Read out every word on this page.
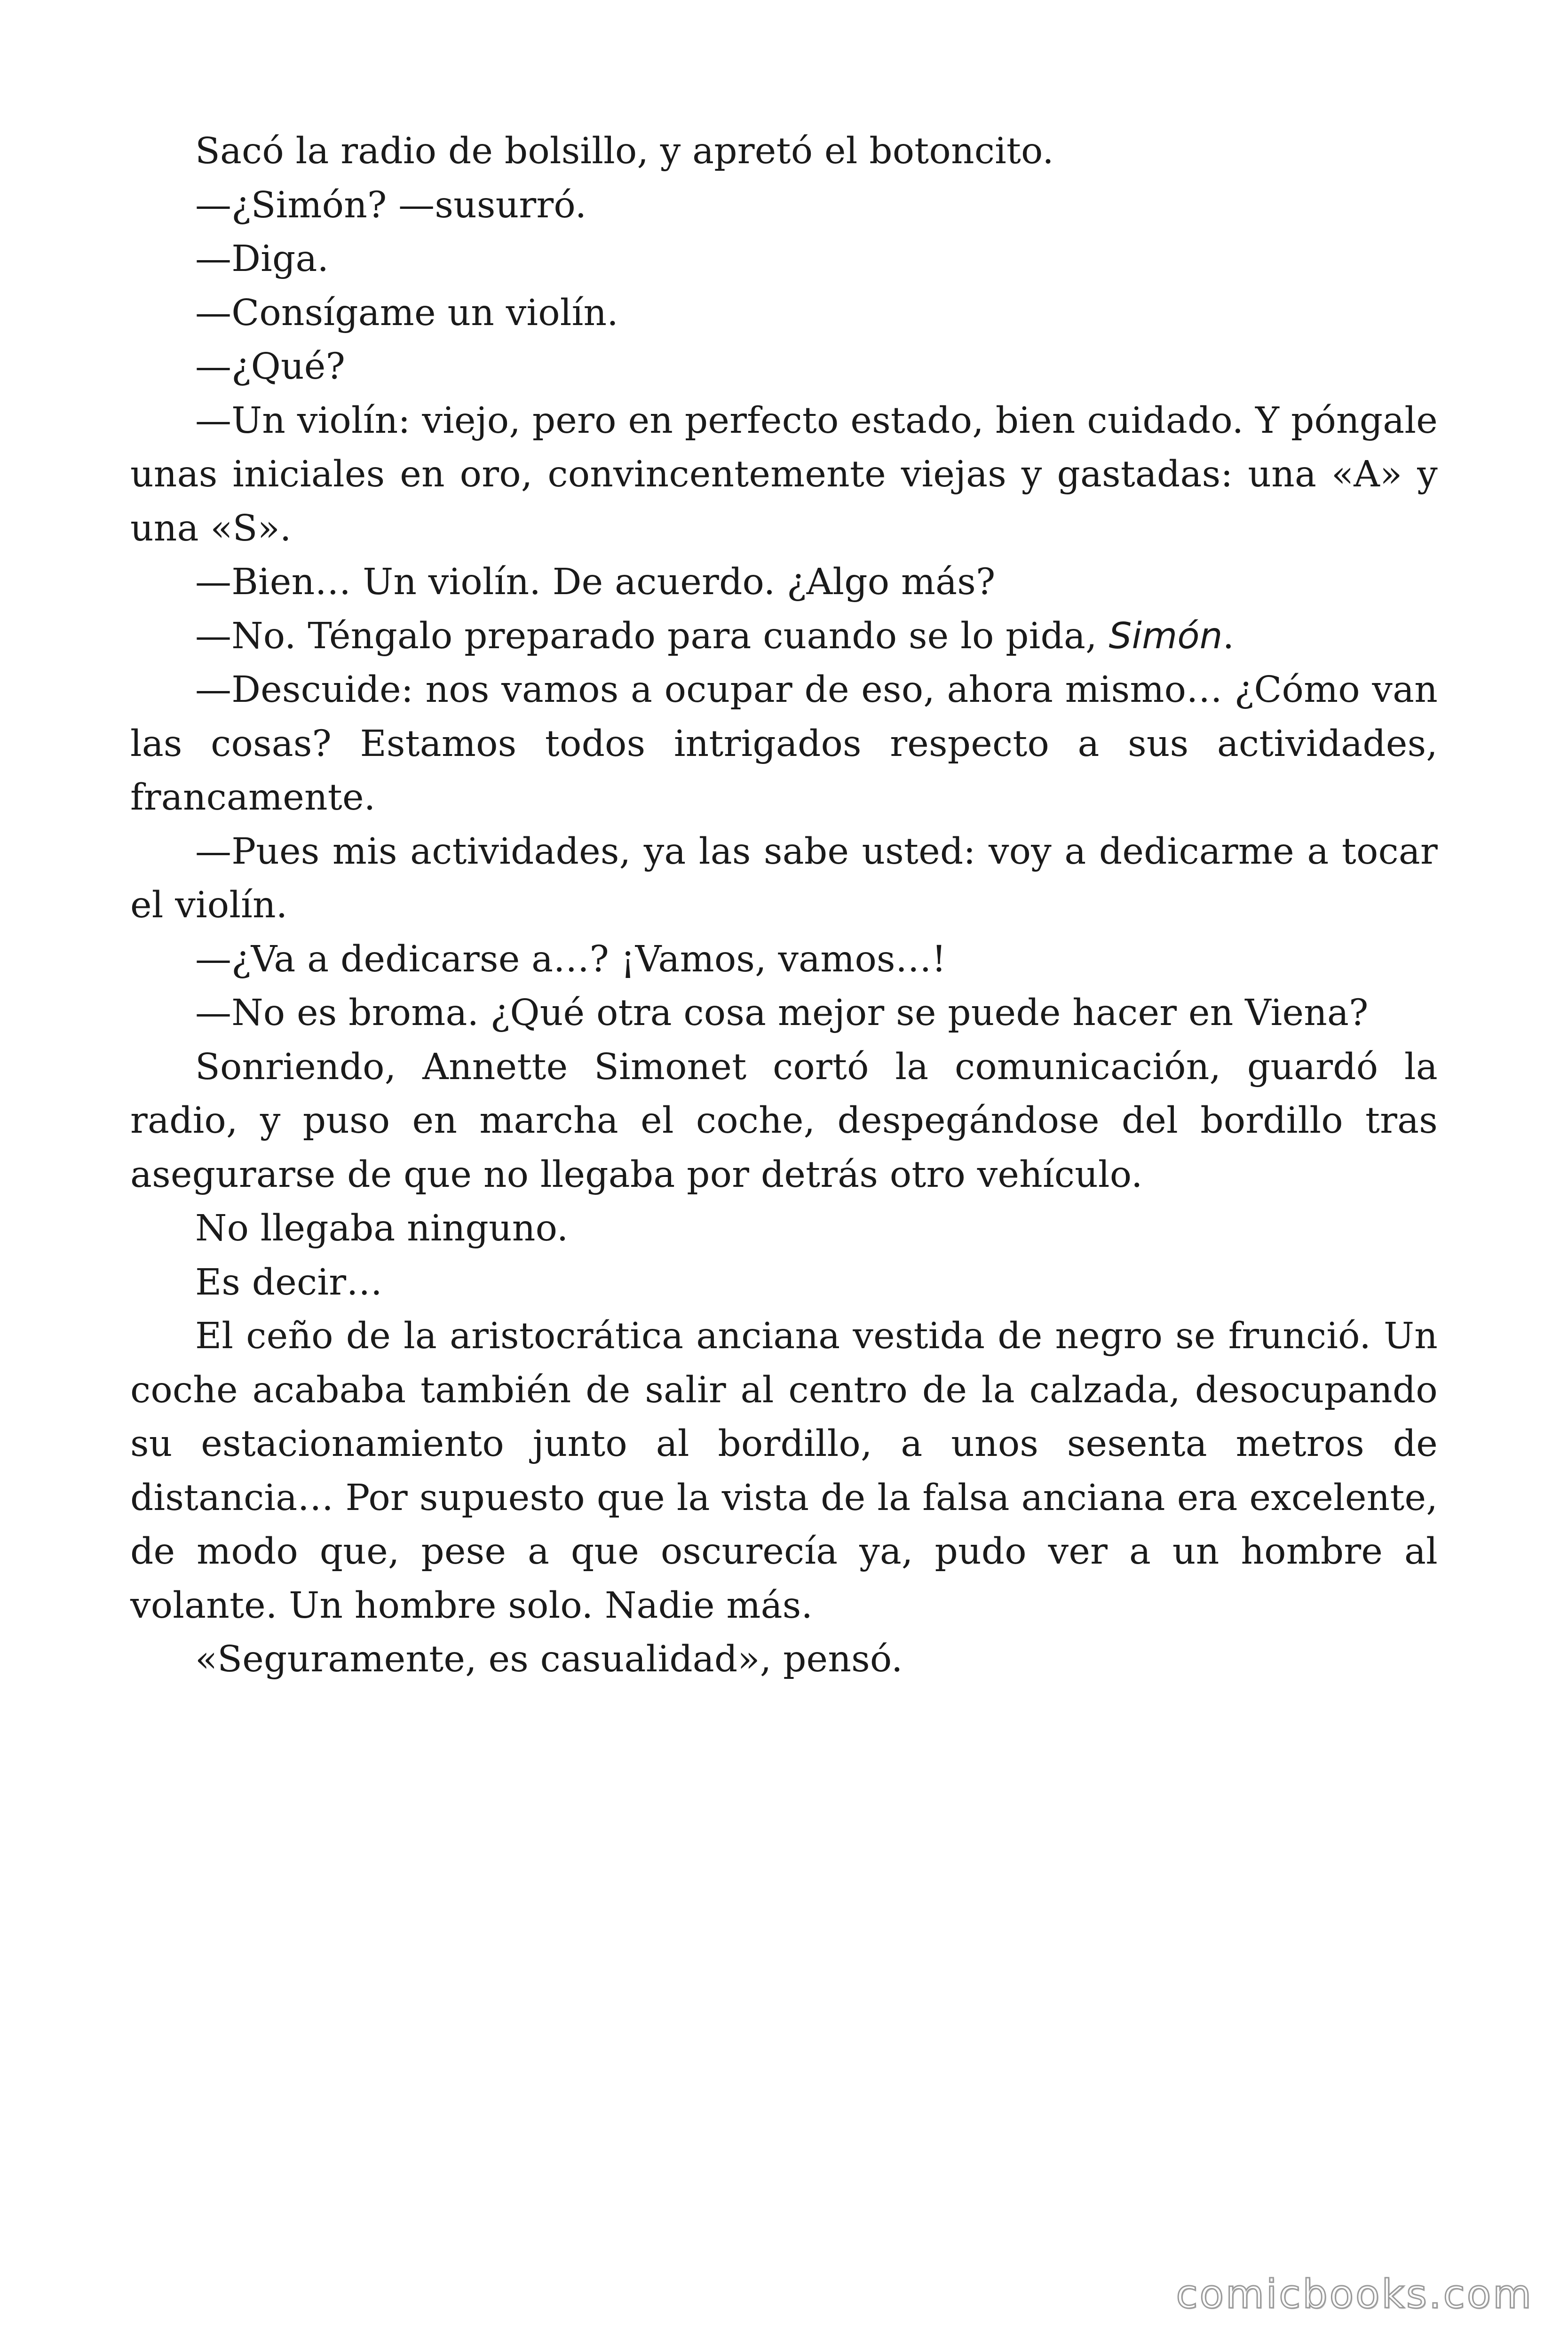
Sacó la radio de bolsillo, y apretó el botoncito.

—¿Simón? —susurró.

—Diga.

—Consígame un violín.

—¿Qué?

—Un violín: viejo, pero en perfecto estado, bien cuidado. Y póngale unas iniciales en oro, convincentemente viejas y gastadas: una «A» y una «S».

—Bien… Un violín. De acuerdo. ¿Algo más?

—No. Téngalo preparado para cuando se lo pida, Simón.

—Descuide: nos vamos a ocupar de eso, ahora mismo… ¿Cómo van las cosas? Estamos todos intrigados respecto a sus actividades, francamente.

—Pues mis actividades, ya las sabe usted: voy a dedicarme a tocar el violín.

—¿Va a dedicarse a…? ¡Vamos, vamos…!

—No es broma. ¿Qué otra cosa mejor se puede hacer en Viena?

Sonriendo, Annette Simonet cortó la comunicación, guardó la radio, y puso en marcha el coche, despegándose del bordillo tras asegurarse de que no llegaba por detrás otro vehículo.

No llegaba ninguno.

Es decir…

El ceño de la aristocrática anciana vestida de negro se frunció. Un coche acababa también de salir al centro de la calzada, desocupando su estacionamiento junto al bordillo, a unos sesenta metros de distancia… Por supuesto que la vista de la falsa anciana era excelente, de modo que, pese a que oscurecía ya, pudo ver a un hombre al volante. Un hombre solo. Nadie más.

«Seguramente, es casualidad», pensó.

comicbooks.com
